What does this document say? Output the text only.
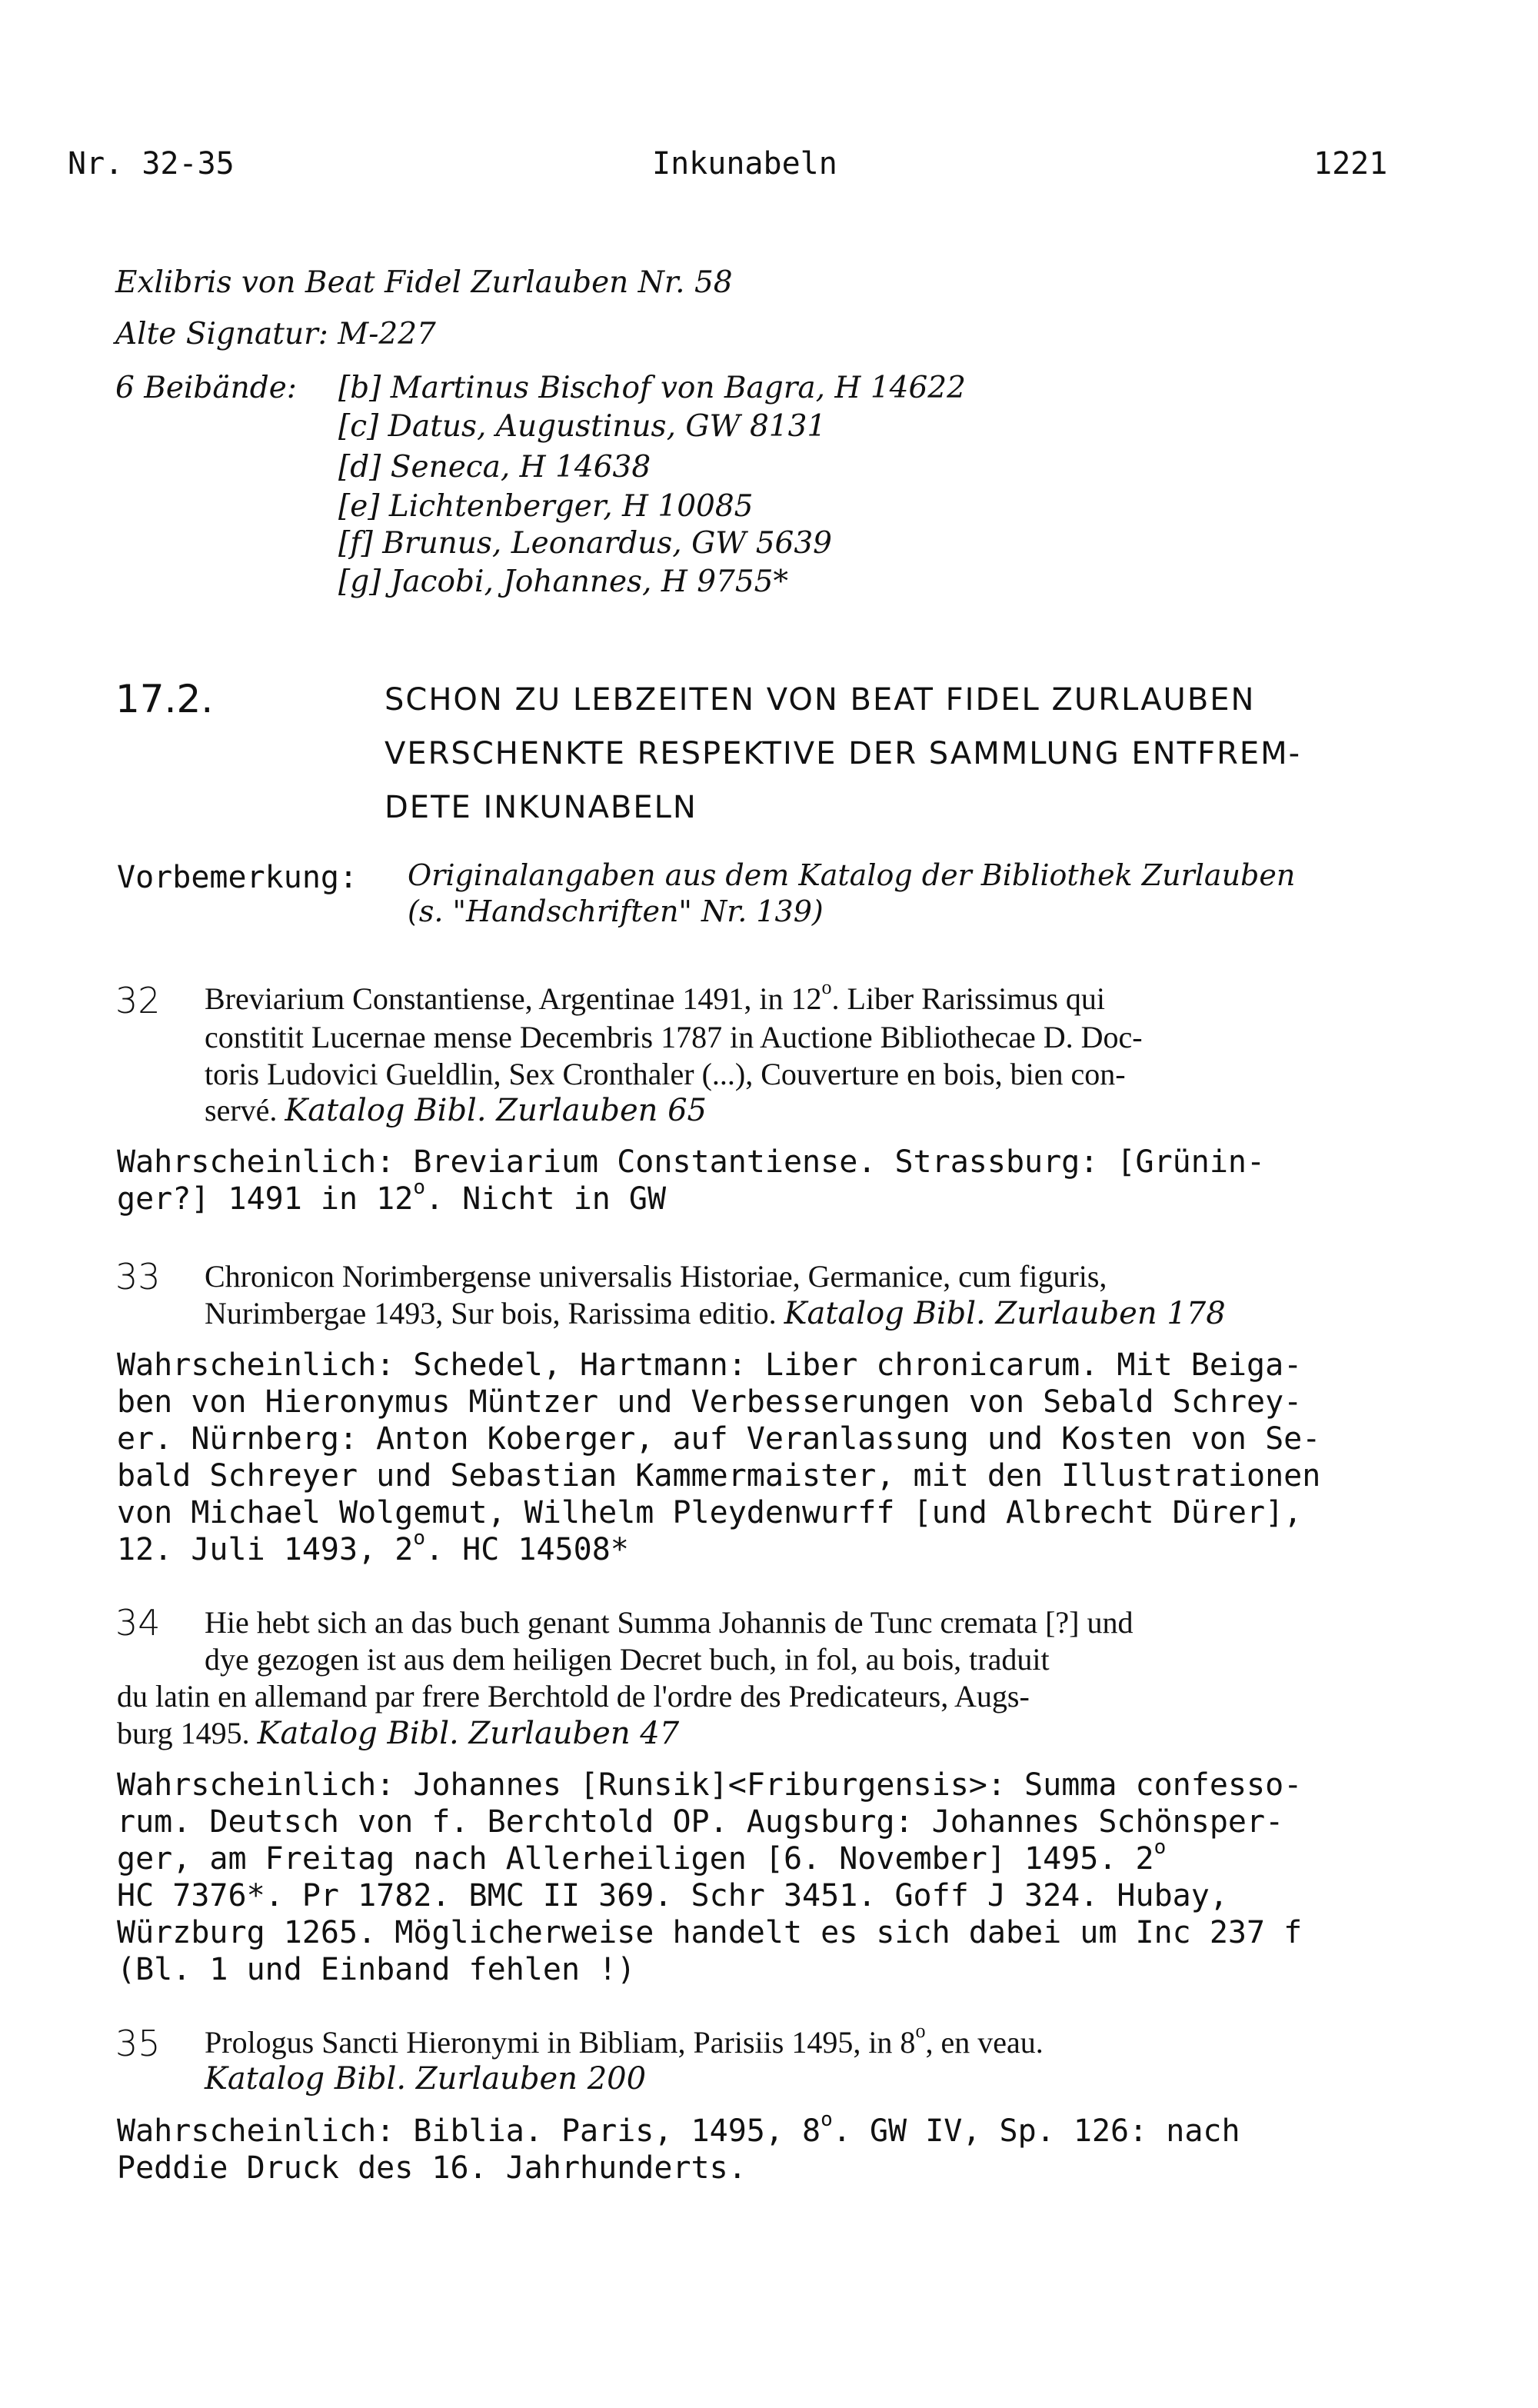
Nr. 32-35	Inkunabeln	1221
Exlibris von Beat Fidel Zurlauben Nr. 58
Alte Signatur: M-227
6 Beibände: [b] Martinus Bischof von Bagra, H 14622
[c] Datus, Augustinus, GW 8131
[d] Seneca, H 14638
[e] Lichtenberger, H 10085
[f] Brunus, Leonardus, GW 5639
[g] Jacobi, Johannes, H 9755*
17.2.	SCHON ZU LEBZEITEN VON BEAT FIDEL ZURLAUBEN
VERSCHENKTE RESPEKTIVE DER SAMMLUNG ENTFREM-
DETE INKUNABELN
Vorbemerkung: Originalangaben aus dem Katalog der Bibliothek Zurlauben
(s. "Handschriften" Nr. 139)
32 Breviarium Constantiense, Argentinae 1491, in 12$^o$. Liber Rarissimus qui
constitit Lucernae mense Decembris 1787 in Auctione Bibliothecae D. Doc-
toris Ludovici Gueldlin, Sex Cronthaler (...), Couverture en bois, bien con-
servé. Katalog Bibl. Zurlauben 65
Wahrscheinlich: Breviarium Constantiense. Strassburg: [Grünin-
ger?] 1491 in 12$^o$. Nicht in GW
33 Chronicon Norimbergense universalis Historiae, Germanice, cum figuris,
Nurimbergae 1493, Sur bois, Rarissima editio. Katalog Bibl. Zurlauben 178
Wahrscheinlich: Schedel, Hartmann: Liber chronicarum. Mit Beiga-
ben von Hieronymus Müntzer und Verbesserungen von Sebald Schrey-
er. Nürnberg: Anton Koberger, auf Veranlassung und Kosten von Se-
bald Schreyer und Sebastian Kammermaister, mit den Illustrationen
von Michael Wolgemut, Wilhelm Pleydenwurff [und Albrecht Dürer],
12. Juli 1493, 2$^o$. HC 14508*
34 Hie hebt sich an das buch genant Summa Johannis de Tunc cremata [?] und
dye gezogen ist aus dem heiligen Decret buch, in fol, au bois, traduit
du latin en allemand par frere Berchtold de l'ordre des Predicateurs, Augs-
burg 1495. Katalog Bibl. Zurlauben 47
Wahrscheinlich: Johannes [Runsik]<Friburgensis>: Summa confesso-
rum. Deutsch von f. Berchtold OP. Augsburg: Johannes Schönsper-
ger, am Freitag nach Allerheiligen [6. November] 1495. 2$^o$
HC 7376*. Pr 1782. BMC II 369. Schr 3451. Goff J 324. Hubay,
Würzburg 1265. Möglicherweise handelt es sich dabei um Inc 237 f
(Bl. 1 und Einband fehlen !)
35 Prologus Sancti Hieronymi in Bibliam, Parisiis 1495, in 8$^o$, en veau.
Katalog Bibl. Zurlauben 200
Wahrscheinlich: Biblia. Paris, 1495, 8$^o$. GW IV, Sp. 126: nach
Peddie Druck des 16. Jahrhunderts.
